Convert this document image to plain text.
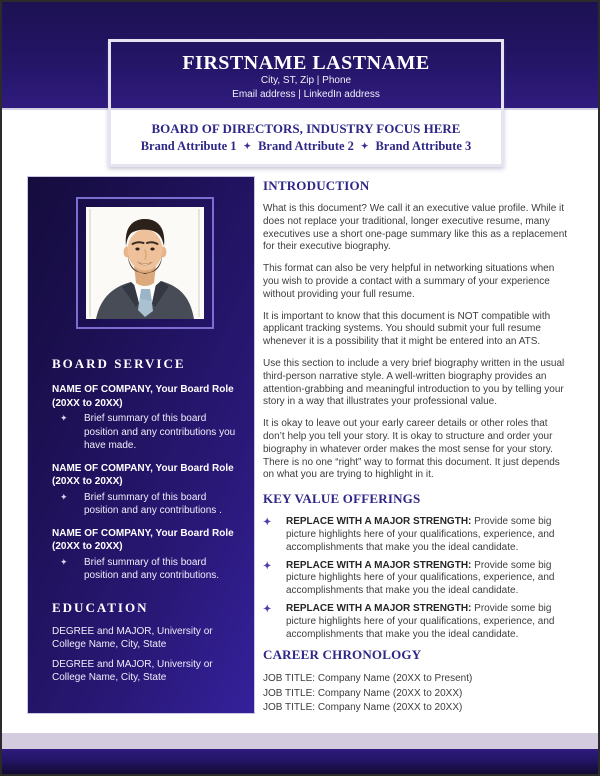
FIRSTNAME LASTNAME
City, ST, Zip | Phone
Email address | LinkedIn address
BOARD OF DIRECTORS, INDUSTRY FOCUS HERE
Brand Attribute 1 ✦ Brand Attribute 2 ✦ Brand Attribute 3
BOARD SERVICE
NAME OF COMPANY, Your Board Role (20XX to 20XX)
✦	Brief summary of this board position and any contributions you have made.
NAME OF COMPANY, Your Board Role (20XX to 20XX)
✦	Brief summary of this board position and any contributions .
NAME OF COMPANY, Your Board Role (20XX to 20XX)
✦	Brief summary of this board position and any contributions.
EDUCATION
DEGREE and MAJOR, University or College Name, City, State
DEGREE and MAJOR, University or College Name, City, State
INTRODUCTION

What is this document? We call it an executive value profile. While it does not replace your traditional, longer executive resume, many executives use a short one-page summary like this as a replacement for their executive biography.

This format can also be very helpful in networking situations when you wish to provide a contact with a summary of your experience without providing your full resume.

It is important to know that this document is NOT compatible with applicant tracking systems. You should submit your full resume whenever it is a possibility that it might be entered into an ATS.

Use this section to include a very brief biography written in the usual third-person narrative style. A well-written biography provides an attention-grabbing and meaningful introduction to you by telling your story in a way that illustrates your professional value.

It is okay to leave out your early career details or other roles that don’t help you tell your story. It is okay to structure and order your biography in whatever order makes the most sense for your story. There is no one “right” way to format this document. It just depends on what you are trying to highlight in it.

KEY VALUE OFFERINGS
✦	REPLACE WITH A MAJOR STRENGTH: Provide some big picture highlights here of your qualifications, experience, and accomplishments that make you the ideal candidate.
✦	REPLACE WITH A MAJOR STRENGTH: Provide some big picture highlights here of your qualifications, experience, and accomplishments that make you the ideal candidate.
✦	REPLACE WITH A MAJOR STRENGTH: Provide some big picture highlights here of your qualifications, experience, and accomplishments that make you the ideal candidate.
CAREER CHRONOLOGY
JOB TITLE: Company Name (20XX to Present)
JOB TITLE: Company Name (20XX to 20XX)
JOB TITLE: Company Name (20XX to 20XX)
